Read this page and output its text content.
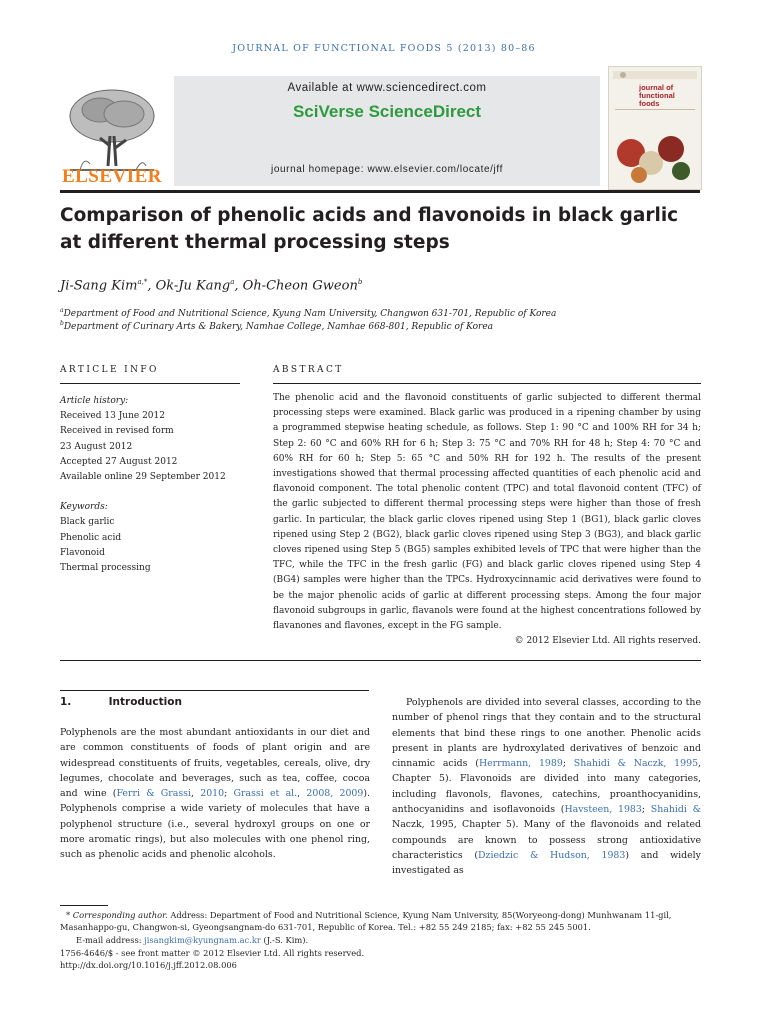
JOURNAL OF FUNCTIONAL FOODS 5 (2013) 80–86
ELSEVIER
Available at www.sciencedirect.com
SciVerse ScienceDirect
journal homepage: www.elsevier.com/locate/jff
journal of functional foods
Comparison of phenolic acids and flavonoids in black garlic
at different thermal processing steps
Ji-Sang Kim$^{a,*}$, Ok-Ju Kang$^a$, Oh-Cheon Gweon$^b$
$^a$Department of Food and Nutritional Science, Kyung Nam University, Changwon 631-701, Republic of Korea
$^b$Department of Curinary Arts & Bakery, Namhae College, Namhae 668-801, Republic of Korea
ARTICLE INFO	ABSTRACT
Article history:
Received 13 June 2012
Received in revised form
23 August 2012
Accepted 27 August 2012
Available online 29 September 2012
Keywords:
Black garlic
Phenolic acid
Flavonoid
Thermal processing
The phenolic acid and the flavonoid constituents of garlic subjected to different thermal processing steps were examined. Black garlic was produced in a ripening chamber by using a programmed stepwise heating schedule, as follows. Step 1: 90 °C and 100% RH for 34 h; Step 2: 60 °C and 60% RH for 6 h; Step 3: 75 °C and 70% RH for 48 h; Step 4: 70 °C and 60% RH for 60 h; Step 5: 65 °C and 50% RH for 192 h. The results of the present investigations showed that thermal processing affected quantities of each phenolic acid and flavonoid component. The total phenolic content (TPC) and total flavonoid content (TFC) of the garlic subjected to different thermal processing steps were higher than those of fresh garlic. In particular, the black garlic cloves ripened using Step 1 (BG1), black garlic cloves ripened using Step 2 (BG2), black garlic cloves ripened using Step 3 (BG3), and black garlic cloves ripened using Step 5 (BG5) samples exhibited levels of TPC that were higher than the TFC, while the TFC in the fresh garlic (FG) and black garlic cloves ripened using Step 4 (BG4) samples were higher than the TPCs. Hydroxycinnamic acid derivatives were found to be the major phenolic acids of garlic at different processing steps. Among the four major flavonoid subgroups in garlic, flavanols were found at the highest concentrations followed by flavanones and flavones, except in the FG sample.
© 2012 Elsevier Ltd. All rights reserved.
1.	Introduction
Polyphenols are the most abundant antioxidants in our diet and are common constituents of foods of plant origin and are widespread constituents of fruits, vegetables, cereals, olive, dry legumes, chocolate and beverages, such as tea, coffee, cocoa and wine (Ferri & Grassi, 2010; Grassi et al., 2008, 2009). Polyphenols comprise a wide variety of molecules that have a polyphenol structure (i.e., several hydroxyl groups on one or more aromatic rings), but also molecules with one phenol ring, such as phenolic acids and phenolic alcohols.
Polyphenols are divided into several classes, according to the number of phenol rings that they contain and to the structural elements that bind these rings to one another. Phenolic acids present in plants are hydroxylated derivatives of benzoic and cinnamic acids (Herrmann, 1989; Shahidi & Naczk, 1995, Chapter 5). Flavonoids are divided into many categories, including flavonols, flavones, catechins, proanthocyanidins, anthocyanidins and isoflavonoids (Havsteen, 1983; Shahidi & Naczk, 1995, Chapter 5). Many of the flavonoids and related compounds are known to possess strong antioxidative characteristics (Dziedzic & Hudson, 1983) and widely investigated as
* Corresponding author. Address: Department of Food and Nutritional Science, Kyung Nam University, 85(Woryeong-dong) Munhwanam 11-gil, Masanhappo-gu, Changwon-si, Gyeongsangnam-do 631-701, Republic of Korea. Tel.: +82 55 249 2185; fax: +82 55 245 5001.
E-mail address: jisangkim@kyungnam.ac.kr (J.-S. Kim).
1756-4646/$ - see front matter © 2012 Elsevier Ltd. All rights reserved.
http://dx.doi.org/10.1016/j.jff.2012.08.006
